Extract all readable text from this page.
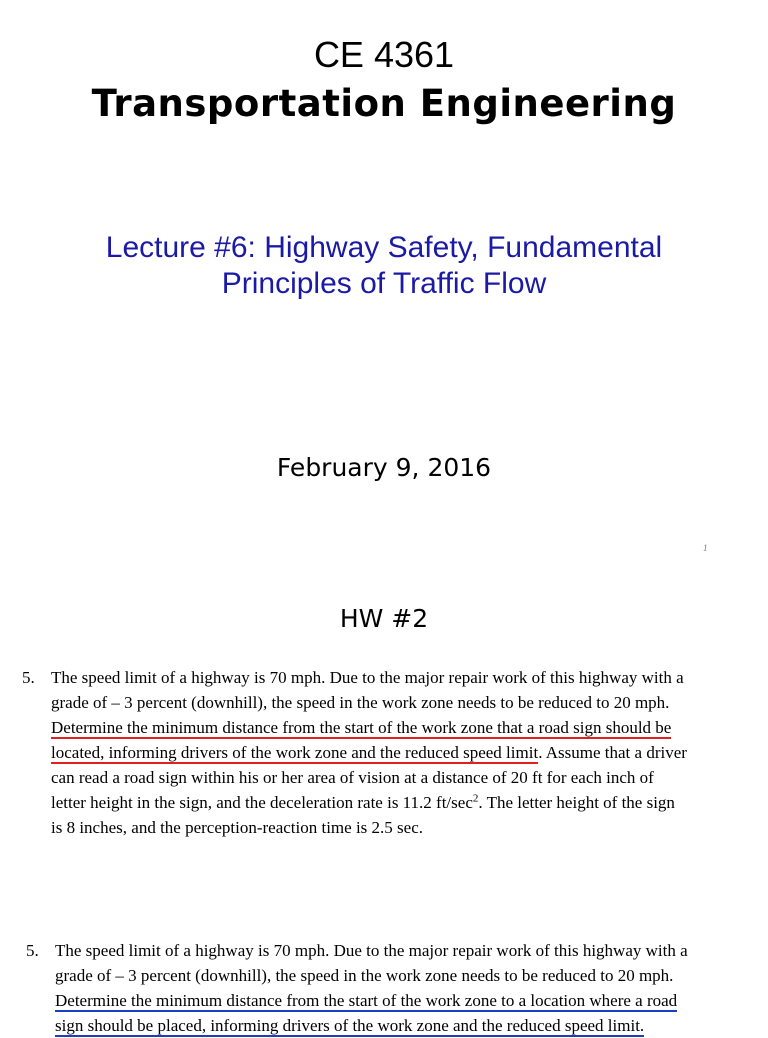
CE 4361
Transportation Engineering
Lecture #6: Highway Safety, Fundamental
Principles of Traffic Flow
February 9, 2016
1
HW #2
5. The speed limit of a highway is 70 mph. Due to the major repair work of this highway with a
grade of – 3 percent (downhill), the speed in the work zone needs to be reduced to 20 mph.
Determine the minimum distance from the start of the work zone that a road sign should be
located, informing drivers of the work zone and the reduced speed limit. Assume that a driver
can read a road sign within his or her area of vision at a distance of 20 ft for each inch of
letter height in the sign, and the deceleration rate is 11.2 $ft/\sec^2$. The letter height of the sign
is 8 inches, and the perception-reaction time is 2.5 sec.
5. The speed limit of a highway is 70 mph. Due to the major repair work of this highway with a
grade of – 3 percent (downhill), the speed in the work zone needs to be reduced to 20 mph.
Determine the minimum distance from the start of the work zone to a location where a road
sign should be placed, informing drivers of the work zone and the reduced speed limit.
